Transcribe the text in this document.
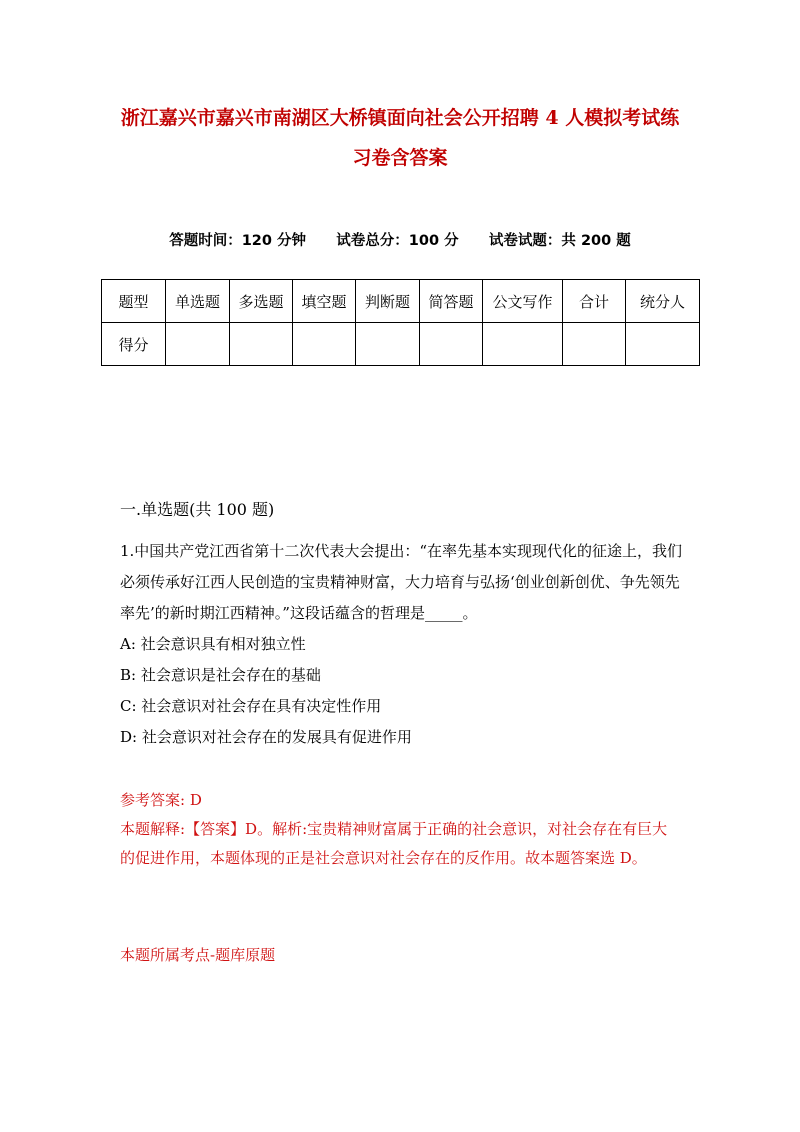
浙江嘉兴市嘉兴市南湖区大桥镇面向社会公开招聘 4 人模拟考试练
习卷含答案
答题时间：120 分钟      试卷总分：100 分      试卷试题：共 200 题
题型	单选题	多选题	填空题	判断题	简答题	公文写作	合计	统分人
得分								
一.单选题(共 100 题)

1.中国共产党江西省第十二次代表大会提出：“在率先基本实现现代化的征途上，我们必须传承好江西人民创造的宝贵精神财富，大力培育与弘扬‘创业创新创优、争先领先率先’的新时期江西精神。”这段话蕴含的哲理是_____。

A: 社会意识具有相对独立性

B: 社会意识是社会存在的基础

C: 社会意识对社会存在具有决定性作用

D: 社会意识对社会存在的发展具有促进作用

参考答案: D

本题解释:【答案】D。解析:宝贵精神财富属于正确的社会意识，对社会存在有巨大的促进作用，本题体现的正是社会意识对社会存在的反作用。故本题答案选 D。

本题所属考点-题库原题
